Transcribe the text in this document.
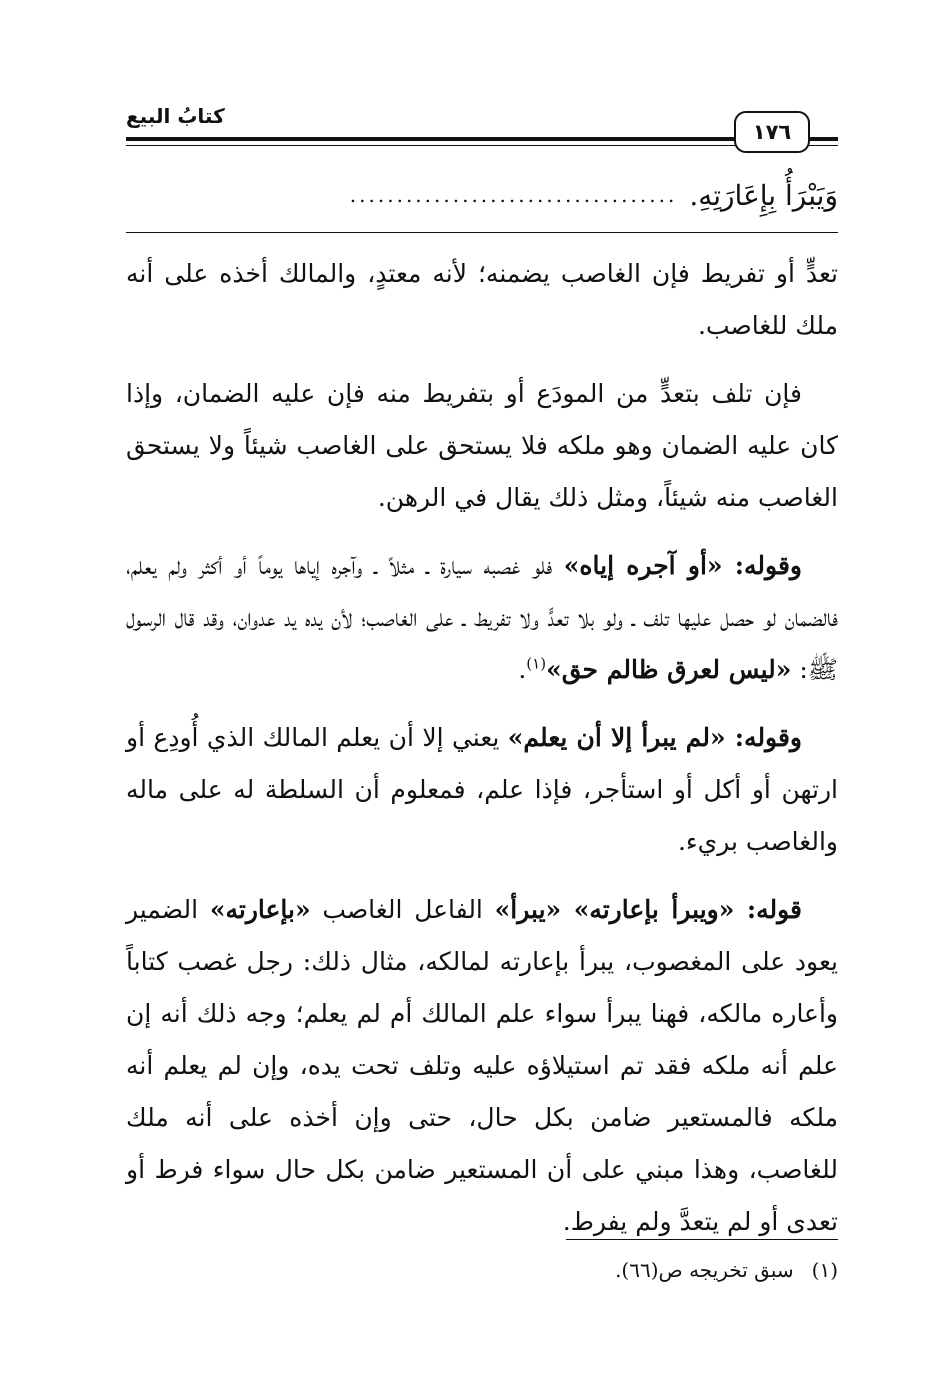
كتابُ البيع
١٧٦
وَيَبْرَأُ بِإِعَارَتِهِ.
...................................

تعدٍّ أو تفريط فإن الغاصب يضمنه؛ لأنه معتدٍ، والمالك أخذه على أنه ملك للغاصب.

فإن تلف بتعدٍّ من المودَع أو بتفريط منه فإن عليه الضمان، وإذا كان عليه الضمان وهو ملكه فلا يستحق على الغاصب شيئاً ولا يستحق الغاصب منه شيئاً، ومثل ذلك يقال في الرهن.

وقوله: «أو آجره إياه» فلو غصبه سيارة ـ مثلاً ـ وآجره إياها يوماً أو أكثر ولم يعلم، فالضمان لو حصل عليها تلف ـ ولو بلا تعدٍّ ولا تفريط ـ على الغاصب؛ لأن يده يد عدوان، وقد قال الرسول ﷺ: «ليس لعرق ظالم حق»$^{(١)}$.

وقوله: «لم يبرأ إلا أن يعلم» يعني إلا أن يعلم المالك الذي أُودِع أو ارتهن أو أكل أو استأجر، فإذا علم، فمعلوم أن السلطة له على ماله والغاصب بريء.

قوله: «ويبرأ بإعارته» «يبرأ» الفاعل الغاصب «بإعارته» الضمير يعود على المغصوب، يبرأ بإعارته لمالكه، مثال ذلك: رجل غصب كتاباً وأعاره مالكه، فهنا يبرأ سواء علم المالك أم لم يعلم؛ وجه ذلك أنه إن علم أنه ملكه فقد تم استيلاؤه عليه وتلف تحت يده، وإن لم يعلم أنه ملكه فالمستعير ضامن بكل حال، حتى وإن أخذه على أنه ملك للغاصب، وهذا مبني على أن المستعير ضامن بكل حال سواء فرط أو تعدى أو لم يتعدَّ ولم يفرط.

(١)سبق تخريجه ص(٦٦).
